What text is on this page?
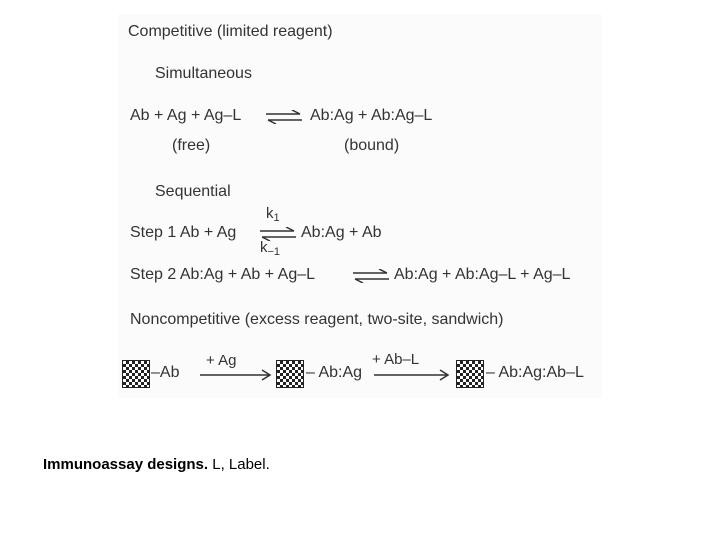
Competitive (limited reagent)
Simultaneous
Ab + Ag + Ag–L ⇌ Ab:Ag + Ab:Ag–L
(free)	(bound)
Sequential
Step 1 Ab + Ag
$k_1$
$k_{-1}$
Ab:Ag + Ab
Step 2 Ab:Ag + Ab + Ag–L ⇌ Ab:Ag + Ab:Ag–L + Ag–L
Noncompetitive (excess reagent, two-site, sandwich)
–Ab
+ Ag
– Ab:Ag
+ Ab–L
– Ab:Ag:Ab–L
Immunoassay designs. L, Label.
